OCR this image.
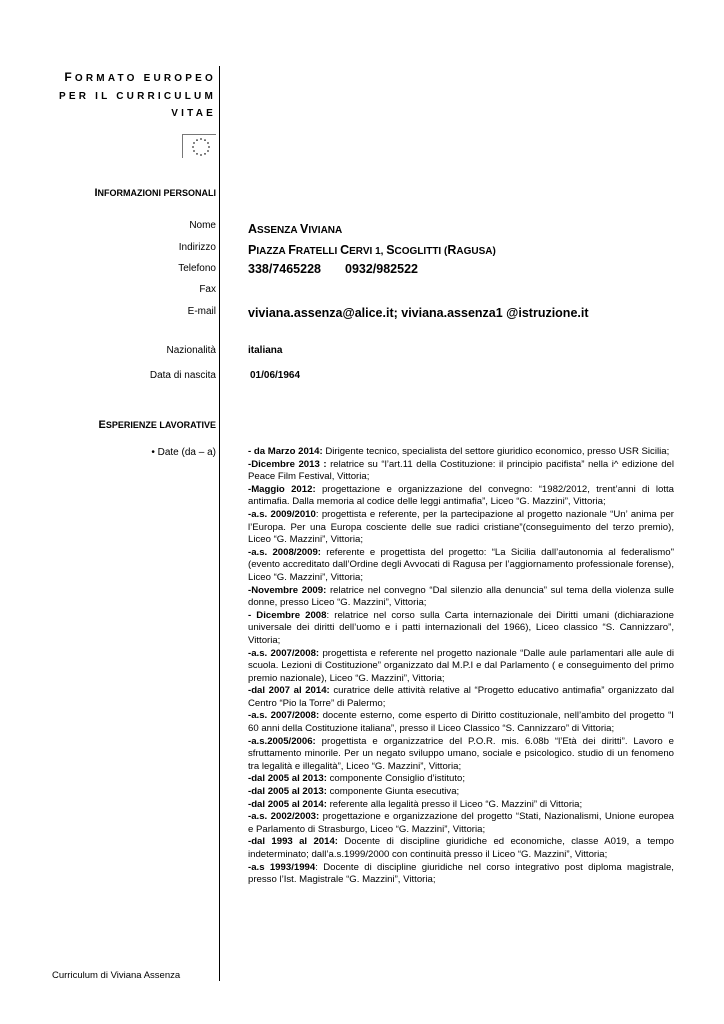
FORMATO EUROPEO
PER IL CURRICULUM
VITAE
INFORMAZIONI PERSONALI
Nome	ASSENZA VIVIANA
Indirizzo	PIAZZA FRATELLI CERVI 1, SCOGLITTI (RAGUSA)
Telefono	338/7465228 0932/982522
Fax
E-mail	viviana.assenza@alice.it; viviana.assenza1 @istruzione.it
Nazionalità	italiana
Data di nascita	01/06/1964
ESPERIENZE LAVORATIVE
• Date (da – a)	- da Marzo 2014: Dirigente tecnico, specialista del settore giuridico economico, presso USR Sicilia;

-Dicembre 2013 : relatrice su “l’art.11 della Costituzione: il principio pacifista” nella i^ edizione del Peace Film Festival, Vittoria;

-Maggio 2012: progettazione e organizzazione del convegno: “1982/2012, trent’anni di lotta antimafia. Dalla memoria al codice delle leggi antimafia”, Liceo “G. Mazzini”, Vittoria;

-a.s. 2009/2010: progettista e referente, per la partecipazione al progetto nazionale “Un’ anima per l’Europa. Per una Europa cosciente delle sue radici cristiane”(conseguimento del terzo premio), Liceo “G. Mazzini”, Vittoria;

-a.s. 2008/2009: referente e progettista del progetto: “La Sicilia dall’autonomia al federalismo" (evento accreditato dall’Ordine degli Avvocati di Ragusa per l’aggiornamento professionale forense), Liceo “G. Mazzini”, Vittoria;

-Novembre 2009: relatrice nel convegno “Dal silenzio alla denuncia” sul tema della violenza sulle donne, presso Liceo “G. Mazzini”, Vittoria;

- Dicembre 2008: relatrice nel corso sulla Carta internazionale dei Diritti umani (dichiarazione universale dei diritti dell’uomo e i patti internazionali del 1966), Liceo classico “S. Cannizzaro”, Vittoria;

-a.s. 2007/2008: progettista e referente nel progetto nazionale “Dalle aule parlamentari alle aule di scuola. Lezioni di Costituzione” organizzato dal M.P.I e dal Parlamento ( e conseguimento del primo premio nazionale), Liceo “G. Mazzini”, Vittoria;

-dal 2007 al 2014: curatrice delle attività relative al “Progetto educativo antimafia” organizzato dal Centro “Pio la Torre” di Palermo;

-a.s. 2007/2008: docente esterno, come esperto di Diritto costituzionale, nell’ambito del progetto “I 60 anni della Costituzione italiana”, presso il Liceo Classico “S. Cannizzaro” di Vittoria;

-a.s.2005/2006: progettista e organizzatrice del P.O.R. mis. 6.08b “l’Età dei diritti”. Lavoro e sfruttamento minorile. Per un negato sviluppo umano, sociale e psicologico. studio di un fenomeno tra legalità e illegalità”, Liceo “G. Mazzini”, Vittoria;

-dal 2005 al 2013: componente Consiglio d’istituto;

-dal 2005 al 2013: componente Giunta esecutiva;

-dal 2005 al 2014: referente alla legalità presso il Liceo “G. Mazzini” di Vittoria;

-a.s. 2002/2003: progettazione e organizzazione del progetto “Stati, Nazionalismi, Unione europea e Parlamento di Strasburgo, Liceo “G. Mazzini”, Vittoria;

-dal 1993 al 2014: Docente di discipline giuridiche ed economiche, classe A019, a tempo indeterminato; dall’a.s.1999/2000 con continuità presso il Liceo “G. Mazzini”, Vittoria;

-a.s 1993/1994: Docente di discipline giuridiche nel corso integrativo post diploma magistrale, presso l’Ist. Magistrale “G. Mazzini”, Vittoria;

Curriculum di Viviana Assenza
